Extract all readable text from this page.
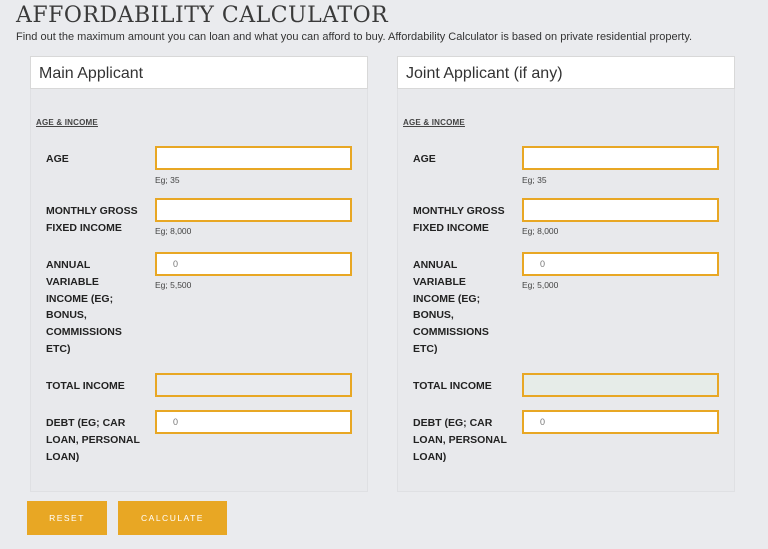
AFFORDABILITY CALCULATOR
Find out the maximum amount you can loan and what you can afford to buy. Affordability Calculator is based on private residential property.
Main Applicant
AGE & INCOME
AGE
Eg; 35
MONTHLY GROSS
FIXED INCOME	Eg; 8,000
ANNUAL
VARIABLE
INCOME (EG;
BONUS,
COMMISSIONS
ETC)
0
Eg; 5,500
TOTAL INCOME
DEBT (EG; CAR
LOAN, PERSONAL
LOAN)
0
Joint Applicant (if any)
AGE & INCOME
AGE
Eg; 35
MONTHLY GROSS
FIXED INCOME	Eg; 8,000
ANNUAL
VARIABLE
INCOME (EG;
BONUS,
COMMISSIONS
ETC)
0
Eg; 5,000
TOTAL INCOME
DEBT (EG; CAR
LOAN, PERSONAL
LOAN)
0
RESET	CALCULATE
